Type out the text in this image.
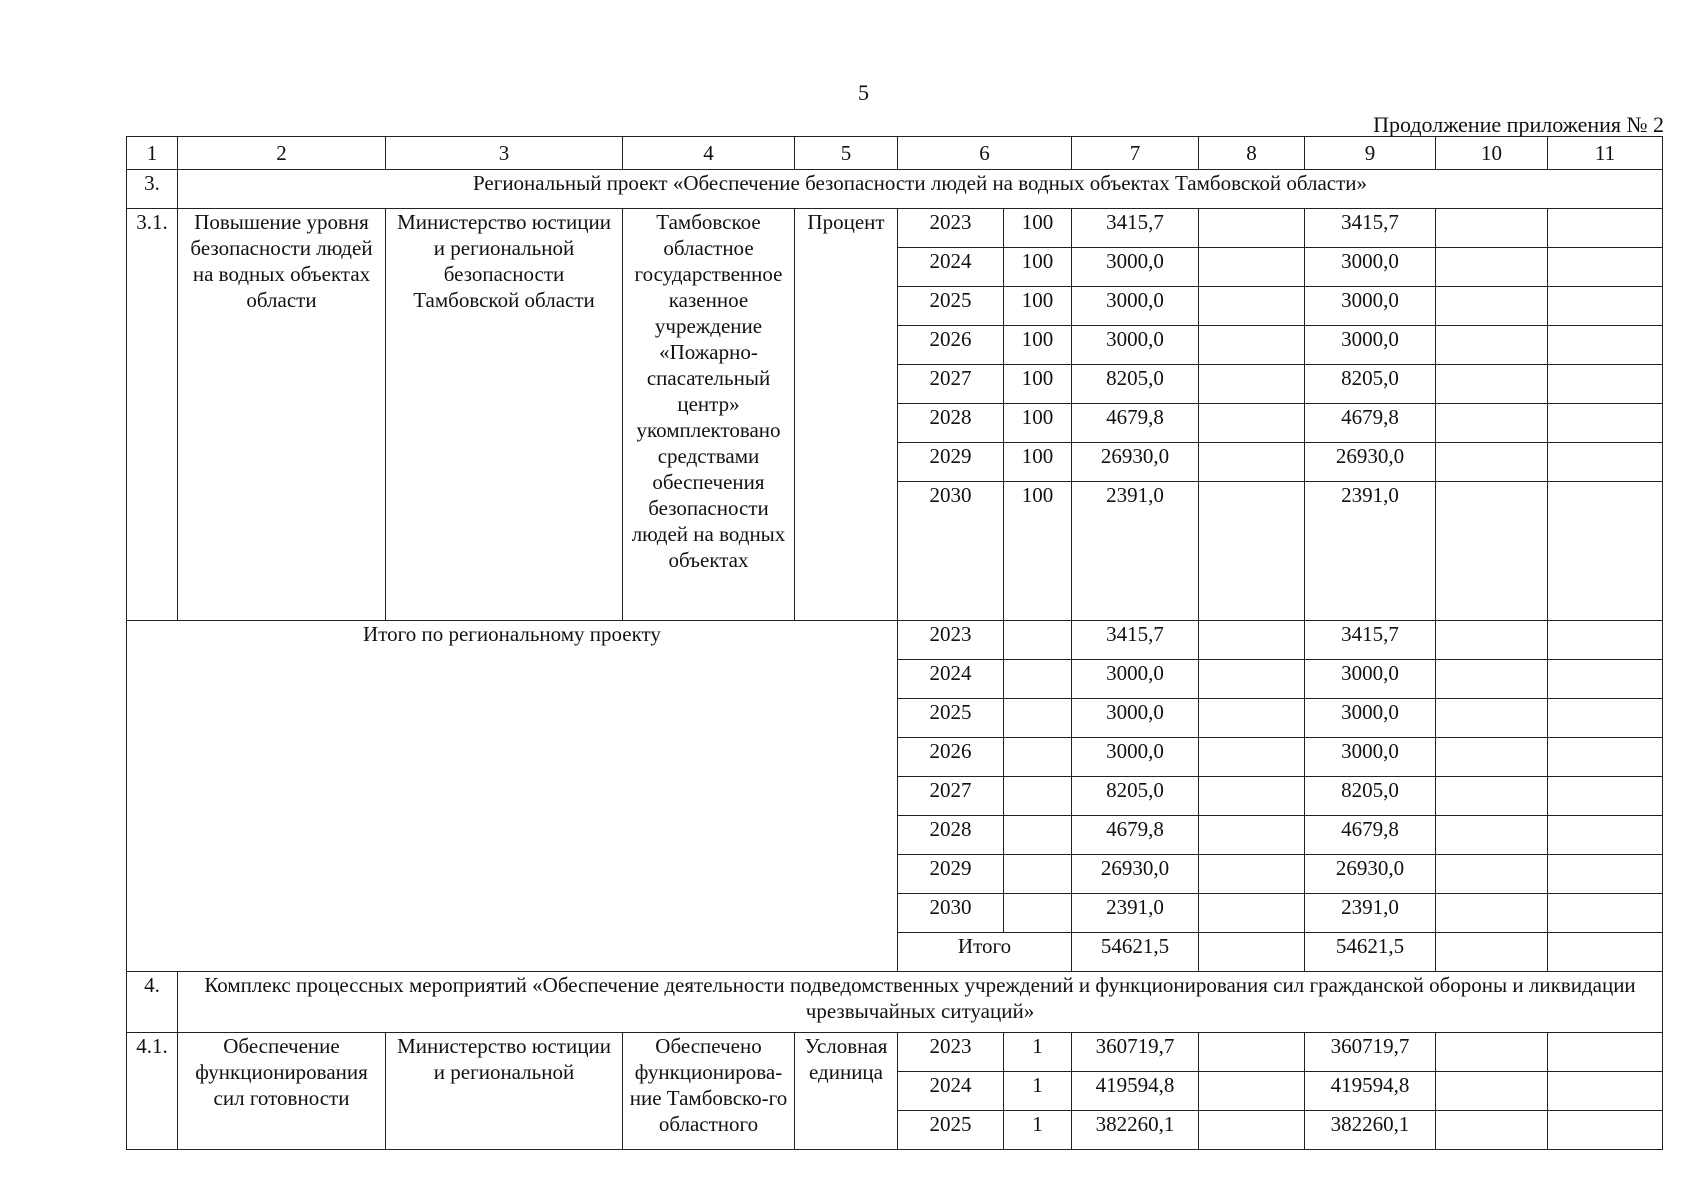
5
Продолжение приложения № 2
1	2	3	4	5	6		7	8	9	10	11
3.	Региональный проект «Обеспечение безопасности людей на водных объектах Тамбовской области»										
3.1.	Повышение уровня безопасности людей на водных объектах области	Министерство юстиции и региональной безопасности Тамбовской области	Тамбовское областное государственное казенное учреждение «Пожарно-спасательный центр» укомплектовано средствами обеспечения безопасности людей на водных объектах	Процент	2023	100	3415,7		3415,7		
					2024	100	3000,0		3000,0		
					2025	100	3000,0		3000,0		
					2026	100	3000,0		3000,0		
					2027	100	8205,0		8205,0		
					2028	100	4679,8		4679,8		
					2029	100	26930,0		26930,0		
					2030	100	2391,0		2391,0		
Итого по региональному проекту					2023		3415,7		3415,7		
					2024		3000,0		3000,0		
					2025		3000,0		3000,0		
					2026		3000,0		3000,0		
					2027		8205,0		8205,0		
					2028		4679,8		4679,8		
					2029		26930,0		26930,0		
					2030		2391,0		2391,0		
					Итого		54621,5		54621,5		
4.	Комплекс процессных мероприятий «Обеспечение деятельности подведомственных учреждений и функционирования сил гражданской обороны и ликвидации чрезвычайных ситуаций»										
4.1.	Обеспечение функционирования сил готовности	Министерство юстиции и региональной	Обеспечено функционирова-ние Тамбовско-го областного	Условная единица	2023	1	360719,7		360719,7		
					2024	1	419594,8		419594,8		
					2025	1	382260,1		382260,1		
